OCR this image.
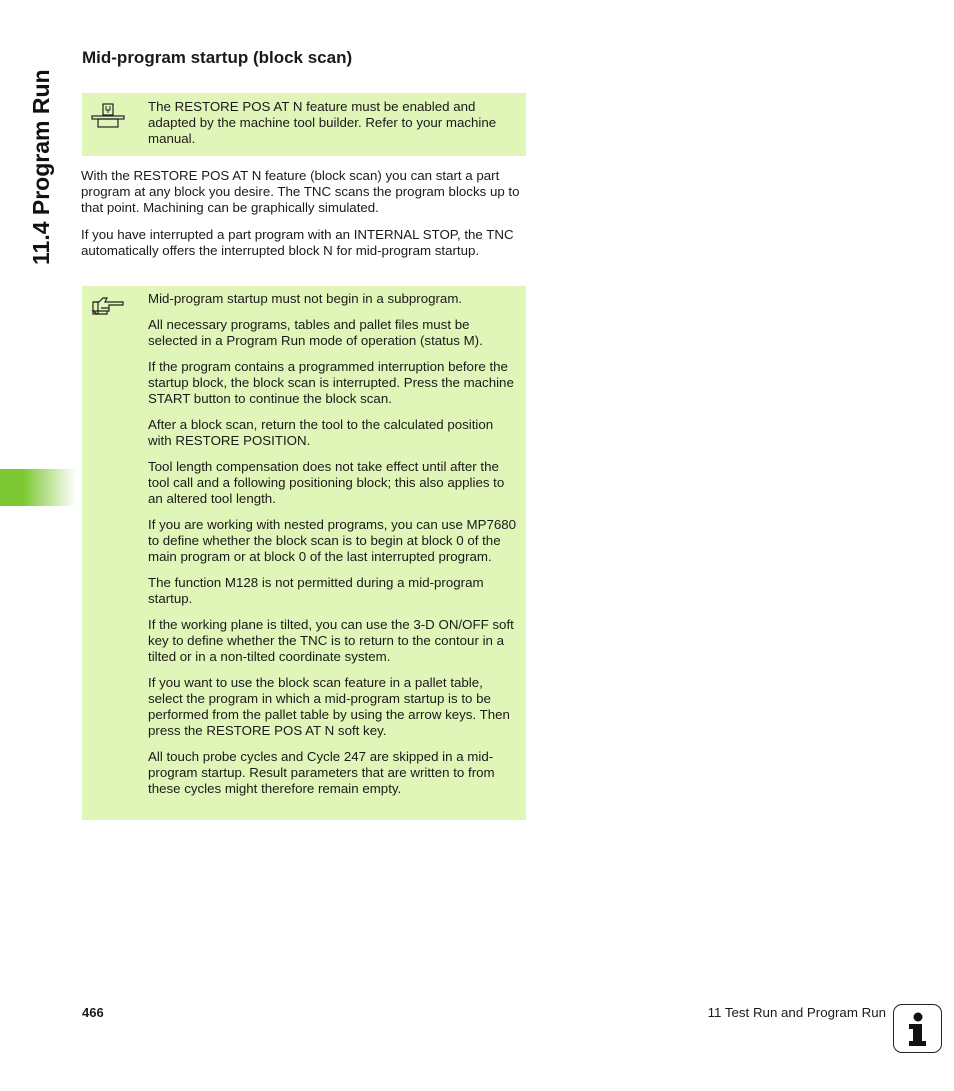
11.4 Program Run
Mid-program startup (block scan)
The RESTORE POS AT N feature must be enabled and adapted by the machine tool builder. Refer to your machine manual.

With the RESTORE POS AT N feature (block scan) you can start a part program at any block you desire. The TNC scans the program blocks up to that point. Machining can be graphically simulated.

If you have interrupted a part program with an INTERNAL STOP, the TNC automatically offers the interrupted block N for mid-program startup.

Mid-program startup must not begin in a subprogram.

All necessary programs, tables and pallet files must be selected in a Program Run mode of operation (status M).

If the program contains a programmed interruption before the startup block, the block scan is interrupted. Press the machine START button to continue the block scan.

After a block scan, return the tool to the calculated position with RESTORE POSITION.

Tool length compensation does not take effect until after the tool call and a following positioning block; this also applies to an altered tool length.

If you are working with nested programs, you can use MP7680 to define whether the block scan is to begin at block 0 of the main program or at block 0 of the last interrupted program.

The function M128 is not permitted during a mid-program startup.

If the working plane is tilted, you can use the 3-D ON/OFF soft key to define whether the TNC is to return to the contour in a tilted or in a non-tilted coordinate system.

If you want to use the block scan feature in a pallet table, select the program in which a mid-program startup is to be performed from the pallet table by using the arrow keys. Then press the RESTORE POS AT N soft key.

All touch probe cycles and Cycle 247 are skipped in a mid-program startup. Result parameters that are written to from these cycles might therefore remain empty.

466	11 Test Run and Program Run
